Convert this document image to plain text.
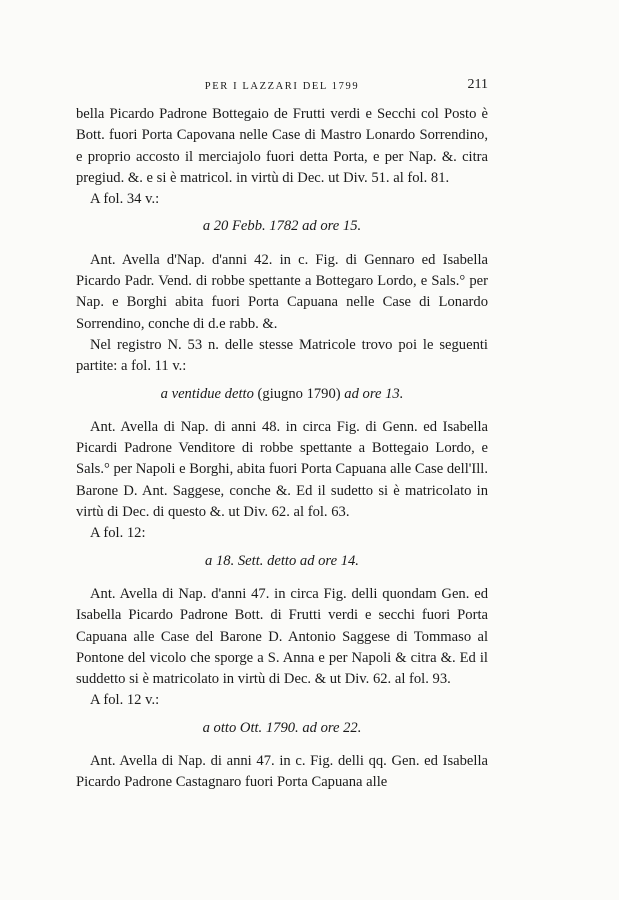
PER I LAZZARI DEL 1799	211

bella Picardo Padrone Bottegaio de Frutti verdi e Secchi col Posto è Bott. fuori Porta Capovana nelle Case di Mastro Lonardo Sorrendino, e proprio accosto il merciajolo fuori detta Porta, e per Nap. &. citra pregiud. &. e si è matricol. in virtù di Dec. ut Div. 51. al fol. 81.

A fol. 34 v.:

a 20 Febb. 1782 ad ore 15.

Ant. Avella d'Nap. d'anni 42. in c. Fig. di Gennaro ed Isabella Picardo Padr. Vend. di robbe spettante a Bottegaro Lordo, e Sals.° per Nap. e Borghi abita fuori Porta Capuana nelle Case di Lonardo Sorrendino, conche di d.e rabb. &.

Nel registro N. 53 n. delle stesse Matricole trovo poi le seguenti partite: a fol. 11 v.:

a ventidue detto (giugno 1790) ad ore 13.

Ant. Avella di Nap. di anni 48. in circa Fig. di Genn. ed Isabella Picardi Padrone Venditore di robbe spettante a Bottegaio Lordo, e Sals.° per Napoli e Borghi, abita fuori Porta Capuana alle Case dell'Ill. Barone D. Ant. Saggese, conche &. Ed il sudetto si è matricolato in virtù di Dec. di questo &. ut Div. 62. al fol. 63.

A fol. 12:

a 18. Sett. detto ad ore 14.

Ant. Avella di Nap. d'anni 47. in circa Fig. delli quondam Gen. ed Isabella Picardo Padrone Bott. di Frutti verdi e secchi fuori Porta Capuana alle Case del Barone D. Antonio Saggese di Tommaso al Pontone del vicolo che sporge a S. Anna e per Napoli & citra &. Ed il suddetto si è matricolato in virtù di Dec. & ut Div. 62. al fol. 93.

A fol. 12 v.:

a otto Ott. 1790. ad ore 22.

Ant. Avella di Nap. di anni 47. in c. Fig. delli qq. Gen. ed Isabella Picardo Padrone Castagnaro fuori Porta Capuana alle
